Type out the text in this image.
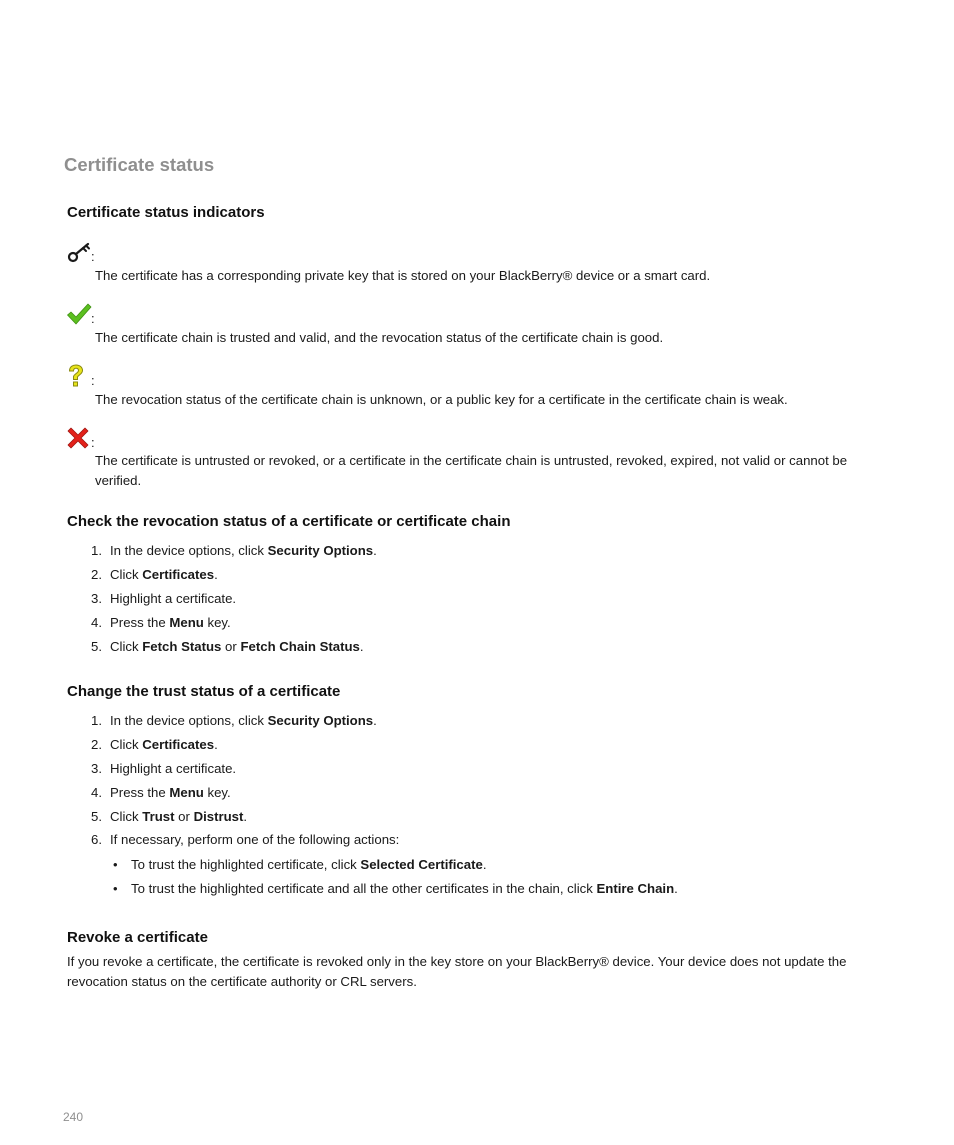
Certificate status
Certificate status indicators
:
The certificate has a corresponding private key that is stored on your BlackBerry® device or a smart card.
:
The certificate chain is trusted and valid, and the revocation status of the certificate chain is good.
:
The revocation status of the certificate chain is unknown, or a public key for a certificate in the certificate chain is weak.
:
The certificate is untrusted or revoked, or a certificate in the certificate chain is untrusted, revoked, expired, not valid or cannot be verified.
Check the revocation status of a certificate or certificate chain
1. In the device options, click Security Options.
2. Click Certificates.
3. Highlight a certificate.
4. Press the Menu key.
5. Click Fetch Status or Fetch Chain Status.
Change the trust status of a certificate
1. In the device options, click Security Options.
2. Click Certificates.
3. Highlight a certificate.
4. Press the Menu key.
5. Click Trust or Distrust.
6. If necessary, perform one of the following actions:
•	To trust the highlighted certificate, click Selected Certificate.
•	To trust the highlighted certificate and all the other certificates in the chain, click Entire Chain.
Revoke a certificate
If you revoke a certificate, the certificate is revoked only in the key store on your BlackBerry® device. Your device does not update the revocation status on the certificate authority or CRL servers.
240
